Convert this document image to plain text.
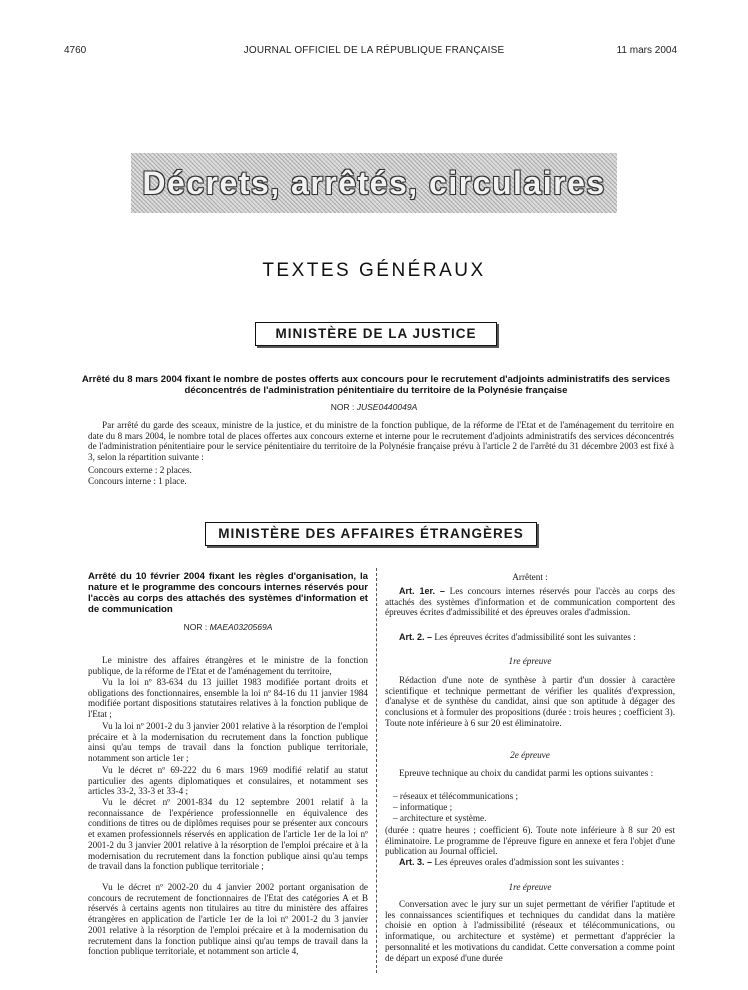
4760	JOURNAL OFFICIEL DE LA RÉPUBLIQUE FRANÇAISE	11 mars 2004
Décrets, arrêtés, circulaires
TEXTES GÉNÉRAUX
MINISTÈRE DE LA JUSTICE
Arrêté du 8 mars 2004 fixant le nombre de postes offerts aux concours pour le recrutement d'adjoints administratifs des services déconcentrés de l'administration pénitentiaire du territoire de la Polynésie française
NOR : JUSE0440049A
Par arrêté du garde des sceaux, ministre de la justice, et du ministre de la fonction publique, de la réforme de l'Etat et de l'aménagement du territoire en date du 8 mars 2004, le nombre total de places offertes aux concours externe et interne pour le recrutement d'adjoints administratifs des services déconcentrés de l'administration pénitentiaire pour le service pénitentiaire du territoire de la Polynésie française prévu à l'article 2 de l'arrêté du 31 décembre 2003 est fixé à 3, selon la répartition suivante :
Concours externe : 2 places.
Concours interne : 1 place.
MINISTÈRE DES AFFAIRES ÉTRANGÈRES
Arrêté du 10 février 2004 fixant les règles d'organisation, la nature et le programme des concours internes réservés pour l'accès au corps des attachés des systèmes d'information et de communication
NOR : MAEA0320569A
Le ministre des affaires étrangères et le ministre de la fonction publique, de la réforme de l'Etat et de l'aménagement du territoire,
Vu la loi nº 83-634 du 13 juillet 1983 modifiée portant droits et obligations des fonctionnaires, ensemble la loi nº 84-16 du 11 janvier 1984 modifiée portant dispositions statutaires relatives à la fonction publique de l'Etat ;
Vu la loi nº 2001-2 du 3 janvier 2001 relative à la résorption de l'emploi précaire et à la modernisation du recrutement dans la fonction publique ainsi qu'au temps de travail dans la fonction publique territoriale, notamment son article 1er ;
Vu le décret nº 69-222 du 6 mars 1969 modifié relatif au statut particulier des agents diplomatiques et consulaires, et notamment ses articles 33-2, 33-3 et 33-4 ;
Vu le décret nº 2001-834 du 12 septembre 2001 relatif à la reconnaissance de l'expérience professionnelle en équivalence des conditions de titres ou de diplômes requises pour se présenter aux concours et examen professionnels réservés en application de l'article 1er de la loi nº 2001-2 du 3 janvier 2001 relative à la résorption de l'emploi précaire et à la modernisation du recrutement dans la fonction publique ainsi qu'au temps de travail dans la fonction publique territoriale ;
Vu le décret nº 2002-20 du 4 janvier 2002 portant organisation de concours de recrutement de fonctionnaires de l'Etat des catégories A et B réservés à certains agents non titulaires au titre du ministère des affaires étrangères en application de l'article 1er de la loi nº 2001-2 du 3 janvier 2001 relative à la résorption de l'emploi précaire et à la modernisation du recrutement dans la fonction publique ainsi qu'au temps de travail dans la fonction publique territoriale, et notamment son article 4,
Arrêtent :
Art. 1er. – Les concours internes réservés pour l'accès au corps des attachés des systèmes d'information et de communication comportent des épreuves écrites d'admissibilité et des épreuves orales d'admission.
Art. 2. – Les épreuves écrites d'admissibilité sont les suivantes :
1re épreuve
Rédaction d'une note de synthèse à partir d'un dossier à caractère scientifique et technique permettant de vérifier les qualités d'expression, d'analyse et de synthèse du candidat, ainsi que son aptitude à dégager des conclusions et à formuler des propositions (durée : trois heures ; coefficient 3). Toute note inférieure à 6 sur 20 est éliminatoire.
2e épreuve
Epreuve technique au choix du candidat parmi les options suivantes :
– réseaux et télécommunications ;
– informatique ;
– architecture et système.
(durée : quatre heures ; coefficient 6). Toute note inférieure à 8 sur 20 est éliminatoire. Le programme de l'épreuve figure en annexe et fera l'objet d'une publication au Journal officiel.
Art. 3. – Les épreuves orales d'admission sont les suivantes :
1re épreuve
Conversation avec le jury sur un sujet permettant de vérifier l'aptitude et les connaissances scientifiques et techniques du candidat dans la matière choisie en option à l'admissibilité (réseaux et télécommunications, ou informatique, ou architecture et système) et permettant d'apprécier la personnalité et les motivations du candidat. Cette conversation a comme point de départ un exposé d'une durée
